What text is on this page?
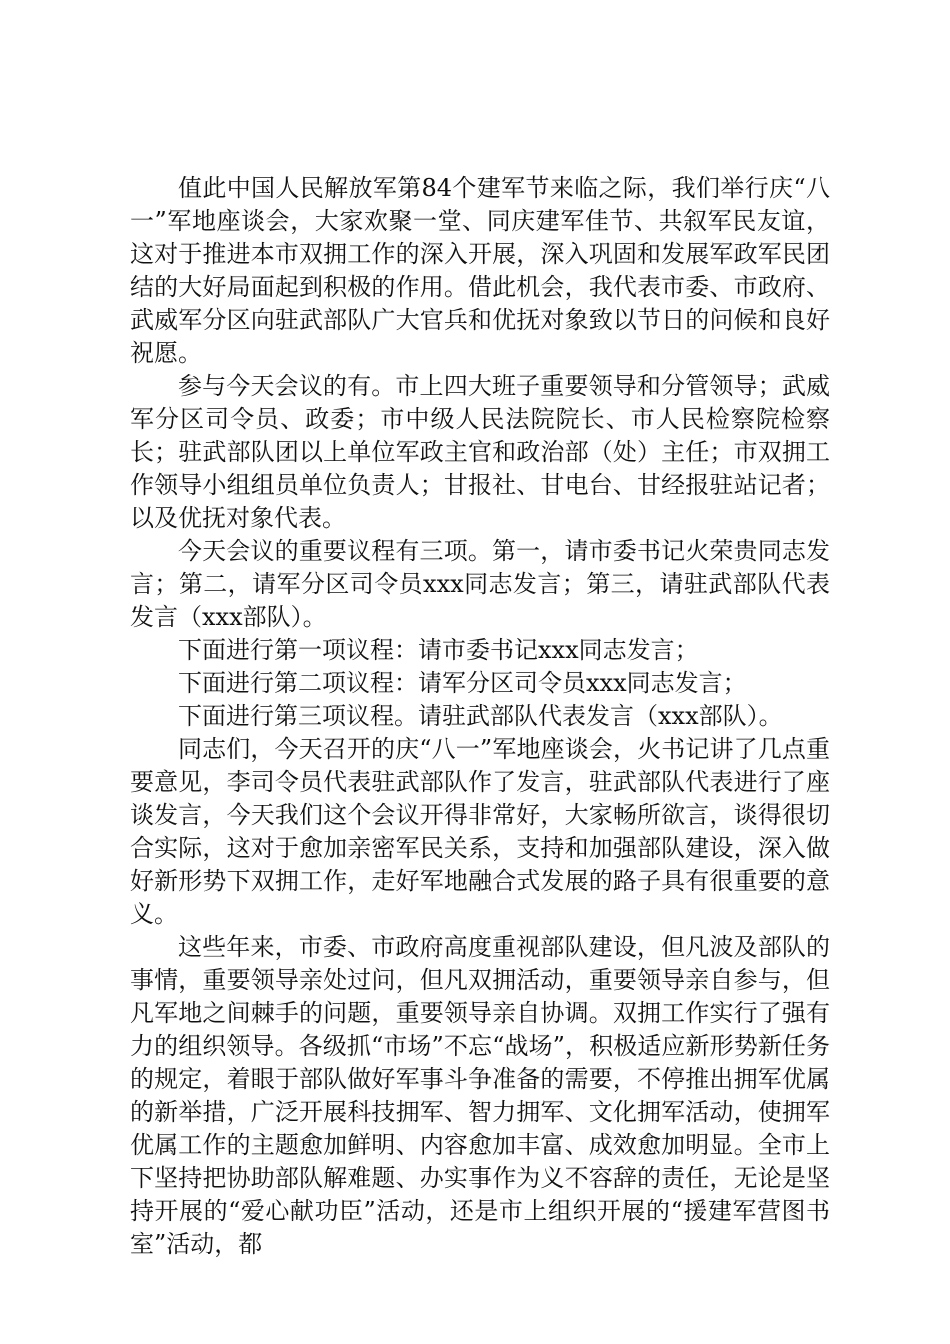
值此中国人民解放军第84个建军节来临之际，我们举行庆“八一”军地座谈会，大家欢聚一堂、同庆建军佳节、共叙军民友谊，这对于推进本市双拥工作的深入开展，深入巩固和发展军政军民团结的大好局面起到积极的作用。借此机会，我代表市委、市政府、武威军分区向驻武部队广大官兵和优抚对象致以节日的问候和良好祝愿。

参与今天会议的有。市上四大班子重要领导和分管领导；武威军分区司令员、政委；市中级人民法院院长、市人民检察院检察长；驻武部队团以上单位军政主官和政治部（处）主任；市双拥工作领导小组组员单位负责人；甘报社、甘电台、甘经报驻站记者；以及优抚对象代表。

今天会议的重要议程有三项。第一，请市委书记火荣贵同志发言；第二，请军分区司令员xxx同志发言；第三，请驻武部队代表发言（xxx部队）。

下面进行第一项议程：请市委书记xxx同志发言；

下面进行第二项议程：请军分区司令员xxx同志发言；

下面进行第三项议程。请驻武部队代表发言（xxx部队）。

同志们，今天召开的庆“八一”军地座谈会，火书记讲了几点重要意见，李司令员代表驻武部队作了发言，驻武部队代表进行了座谈发言，今天我们这个会议开得非常好，大家畅所欲言，谈得很切合实际，这对于愈加亲密军民关系，支持和加强部队建设，深入做好新形势下双拥工作，走好军地融合式发展的路子具有很重要的意义。

这些年来，市委、市政府高度重视部队建设，但凡波及部队的事情，重要领导亲处过问，但凡双拥活动，重要领导亲自参与，但凡军地之间棘手的问题，重要领导亲自协调。双拥工作实行了强有力的组织领导。各级抓“市场”不忘“战场”，积极适应新形势新任务的规定，着眼于部队做好军事斗争准备的需要，不停推出拥军优属的新举措，广泛开展科技拥军、智力拥军、文化拥军活动，使拥军优属工作的主题愈加鲜明、内容愈加丰富、成效愈加明显。全市上下坚持把协助部队解难题、办实事作为义不容辞的责任，无论是坚持开展的“爱心献功臣”活动，还是市上组织开展的“援建军营图书室”活动，都
